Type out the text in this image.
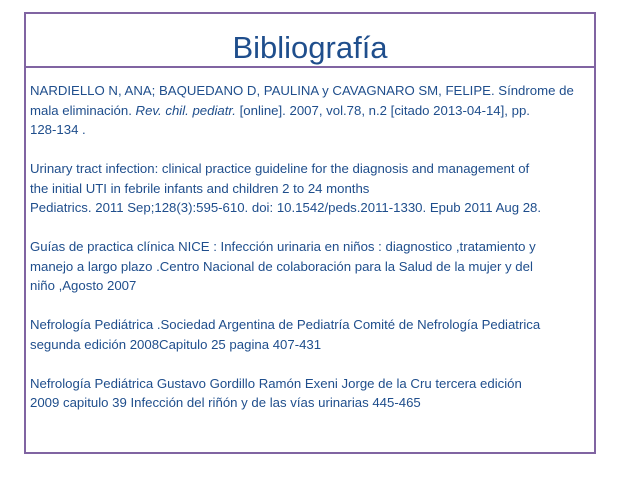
Bibliografía
NARDIELLO N, ANA; BAQUEDANO D, PAULINA y CAVAGNARO SM, FELIPE. Síndrome de
mala eliminación. Rev. chil. pediatr. [online]. 2007, vol.78, n.2 [citado 2013-04-14], pp.
128-134 .
Urinary tract infection: clinical practice guideline for the diagnosis and management of
the initial UTI in febrile infants and children 2 to 24 months
Pediatrics. 2011 Sep;128(3):595-610. doi: 10.1542/peds.2011-1330. Epub 2011 Aug 28.
Guías de practica clínica NICE : Infección urinaria en niños : diagnostico ,tratamiento y
manejo a largo plazo .Centro Nacional de colaboración para la Salud de la mujer y del
niño ,Agosto 2007
Nefrología Pediátrica .Sociedad Argentina de Pediatría Comité de Nefrología Pediatrica
segunda edición 2008Capitulo 25 pagina 407-431
Nefrología Pediátrica Gustavo Gordillo Ramón Exeni Jorge de la Cru tercera edición
2009 capitulo 39 Infección del riñón y de las vías urinarias 445-465
